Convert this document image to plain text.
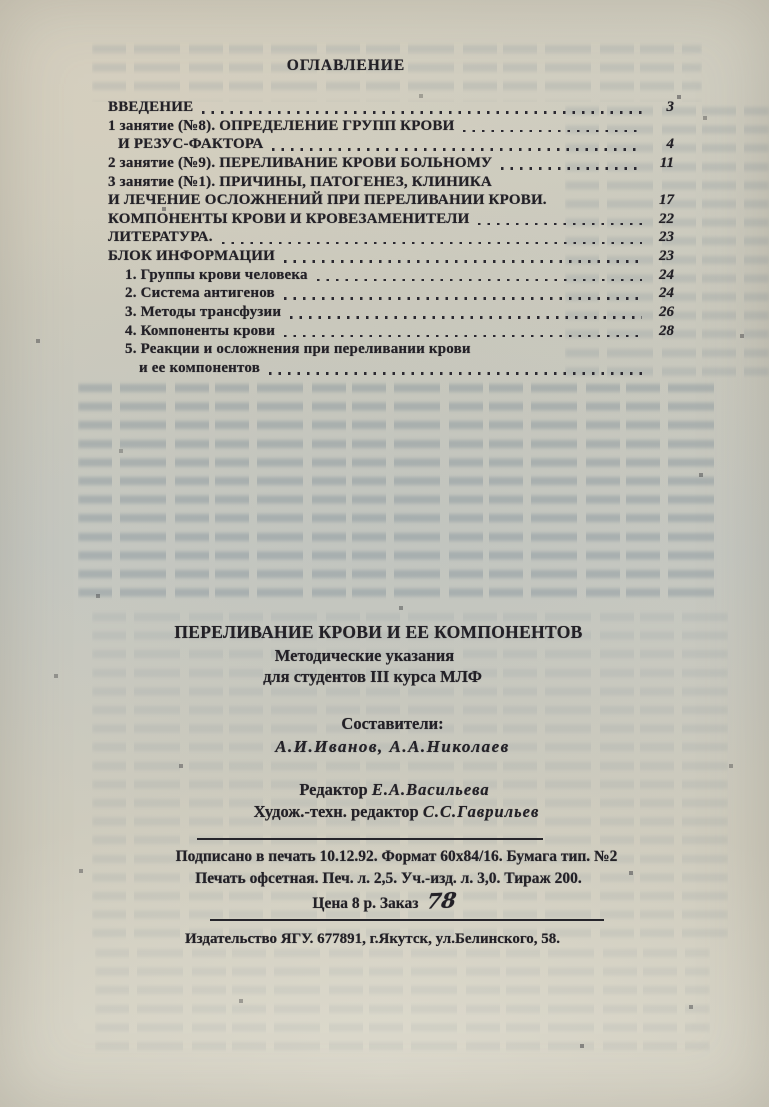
ОГЛАВЛЕНИЕ
ВВЕДЕНИЕ	3
1 занятие (№8). ОПРЕДЕЛЕНИЕ ГРУПП КРОВИ
И РЕЗУС-ФАКТОРА	4
2 занятие (№9). ПЕРЕЛИВАНИЕ КРОВИ БОЛЬНОМУ	11
3 занятие (№1). ПРИЧИНЫ, ПАТОГЕНЕЗ, КЛИНИКА
И ЛЕЧЕНИЕ ОСЛОЖНЕНИЙ ПРИ ПЕРЕЛИВАНИИ КРОВИ.	17
КОМПОНЕНТЫ КРОВИ И КРОВЕЗАМЕНИТЕЛИ	22
ЛИТЕРАТУРА.	23
БЛОК ИНФОРМАЦИИ	23
1. Группы крови человека	24
2. Система антигенов	24
3. Методы трансфузии	26
4. Компоненты крови	28
5. Реакции и осложнения при переливании крови
и ее компонентов
ПЕРЕЛИВАНИЕ КРОВИ И ЕЕ КОМПОНЕНТОВ
Методические указания
для студентов III курса МЛФ
Составители:
А.И.Иванов, А.А.Николаев
Редактор Е.А.Васильева
Худож.-техн. редактор С.С.Гаврильев
Подписано в печать 10.12.92. Формат 60х84/16. Бумага тип. №2
Печать офсетная. Печ. л. 2,5. Уч.-изд. л. 3,0. Тираж 200.
Цена 8 р. Заказ 78
Издательство ЯГУ. 677891, г.Якутск, ул.Белинского, 58.
